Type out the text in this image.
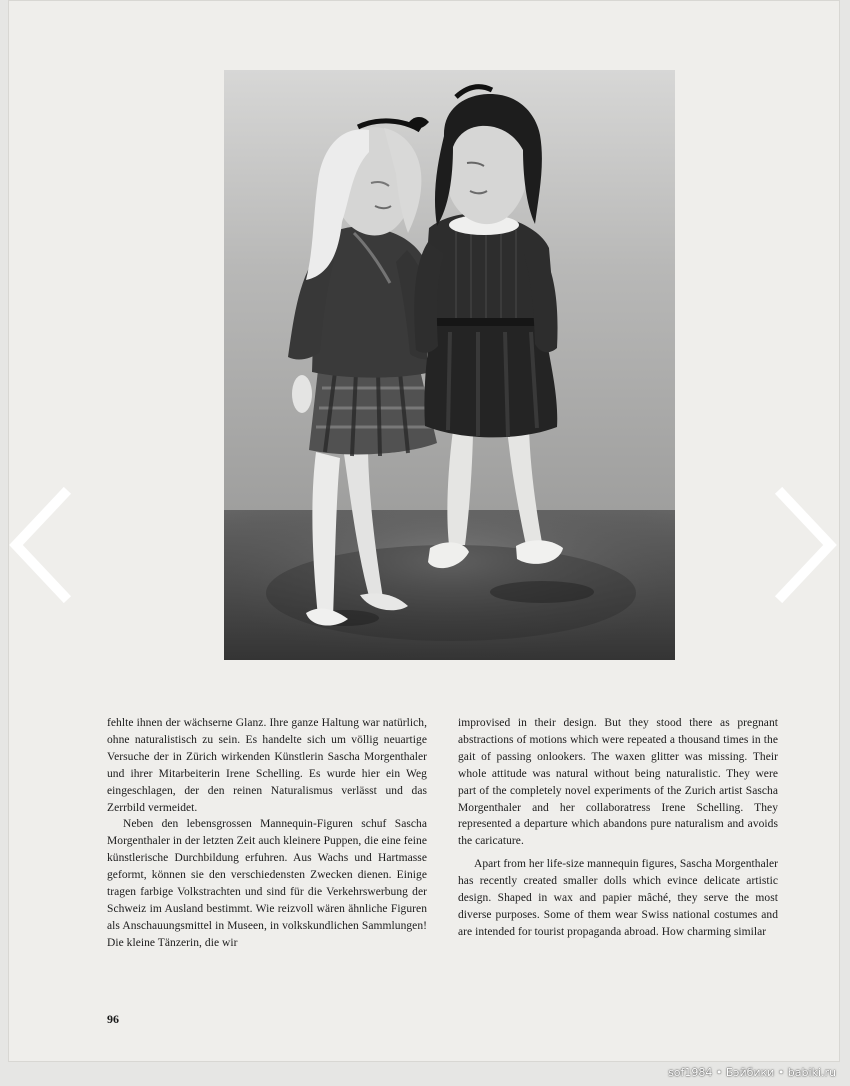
fehlte ihnen der wächserne Glanz. Ihre ganze Haltung war natürlich, ohne naturalistisch zu sein. Es handelte sich um völlig neuartige Versuche der in Zürich wirkenden Künstlerin Sascha Morgenthaler und ihrer Mitarbeiterin Irene Schelling. Es wurde hier ein Weg eingeschlagen, der den reinen Naturalismus verlässt und das Zerrbild vermeidet.

Neben den lebensgrossen Mannequin-Figuren schuf Sascha Morgenthaler in der letzten Zeit auch kleinere Puppen, die eine feine künstlerische Durchbildung erfuhren. Aus Wachs und Hartmasse geformt, können sie den verschiedensten Zwecken dienen. Einige tragen farbige Volkstrachten und sind für die Verkehrswerbung der Schweiz im Ausland bestimmt. Wie reizvoll wären ähnliche Figuren als Anschauungsmittel in Museen, in volkskundlichen Sammlungen! Die kleine Tänzerin, die wir

improvised in their design. But they stood there as pregnant abstractions of motions which were repeated a thousand times in the gait of passing onlookers. The waxen glitter was missing. Their whole attitude was natural without being naturalistic. They were part of the completely novel experiments of the Zurich artist Sascha Morgenthaler and her collaboratress Irene Schelling. They represented a departure which abandons pure naturalism and avoids the caricature.

Apart from her life-size mannequin figures, Sascha Morgenthaler has recently created smaller dolls which evince delicate artistic design. Shaped in wax and papier mâché, they serve the most diverse purposes. Some of them wear Swiss national costumes and are intended for tourist propaganda abroad. How charming similar

96
sof1984 • Бэйбики • babiki.ru
